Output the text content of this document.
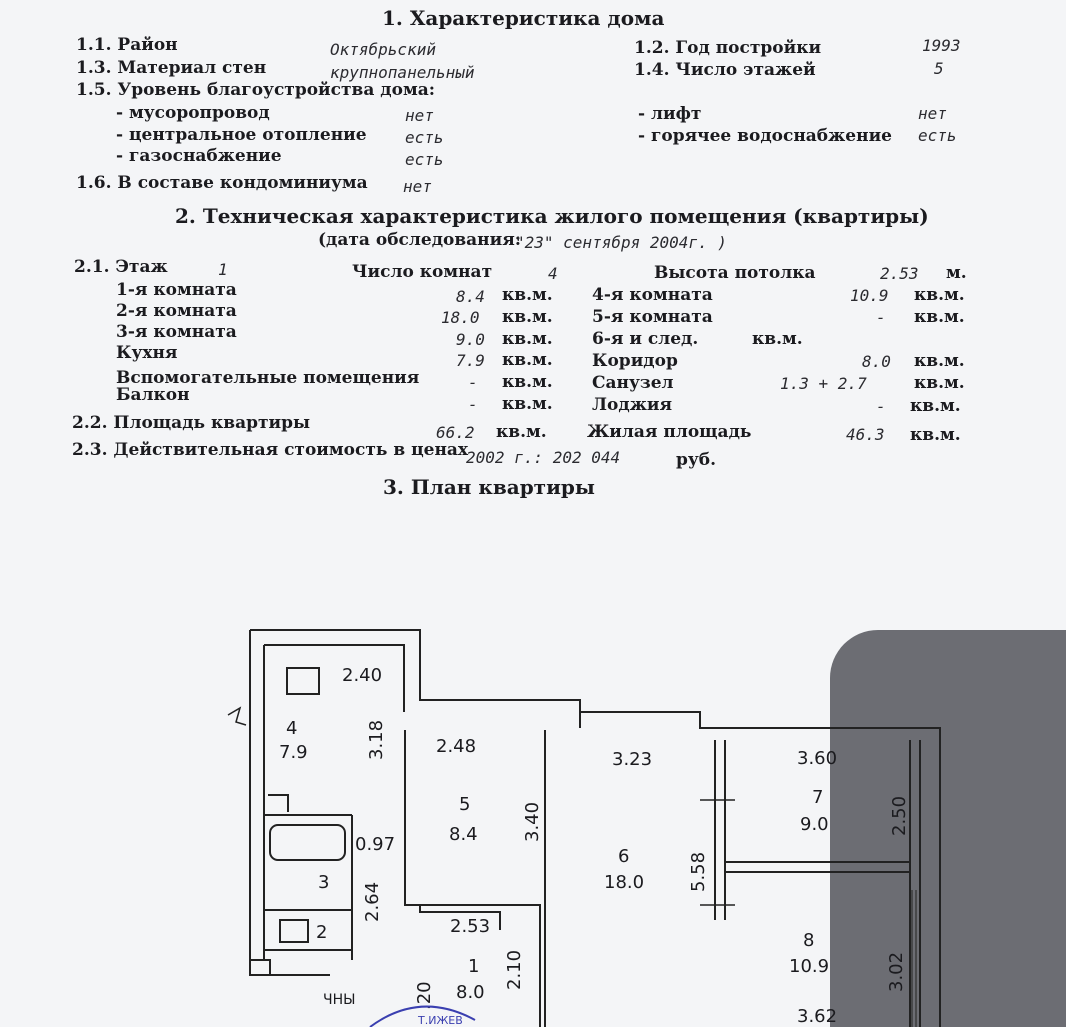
1. Характеристика дома
1.1. Район	Октябрьский	1.2. Год постройки	1993
1.3. Материал стен	крупнопанельный	1.4. Число этажей	5
1.5. Уровень благоустройства дома:
- мусоропровод	нет	- лифт	нет
- центральное отопление есть	- горячее водоснабжение есть
- газоснабжение	есть
1.6. В составе кондоминиума нет
2. Техническая характеристика жилого помещения (квартиры)
(дата обследования:
"23" сентября 2004г. )
2.1. Этаж	1	Число комнат	4	Высота потолка	2.53 м.
1-я комната	8.4 кв.м.
2-я комната	18.0 кв.м.
3-я комната	9.0 кв.м.
Кухня	7.9 кв.м.
Вспомогательные помещения	- кв.м.
Балкон	- кв.м.
4-я комната	10.9 кв.м.
5-я комната	- кв.м.
6-я и след.	кв.м.
Коридор	8.0 кв.м.
Санузел	1.3 + 2.7	кв.м.
Лоджия	- кв.м.
2.2. Площадь квартиры	66.2 кв.м. Жилая площадь	46.3 кв.м.
2.3. Действительная стоимость в ценах
2002 г.: 202 044	руб.
3. План квартиры
2.40
4
7.9	3.18	2.48
5
8.4 3.40
2.53
3.23
6
18.0 5.58
3.60
7
9.0	2.50
8
10.9	3.02
3.62
1
8.0
2.10
.20
2
3 2.64
0.97
ЧНЫ
Т.ИЖЕВ
